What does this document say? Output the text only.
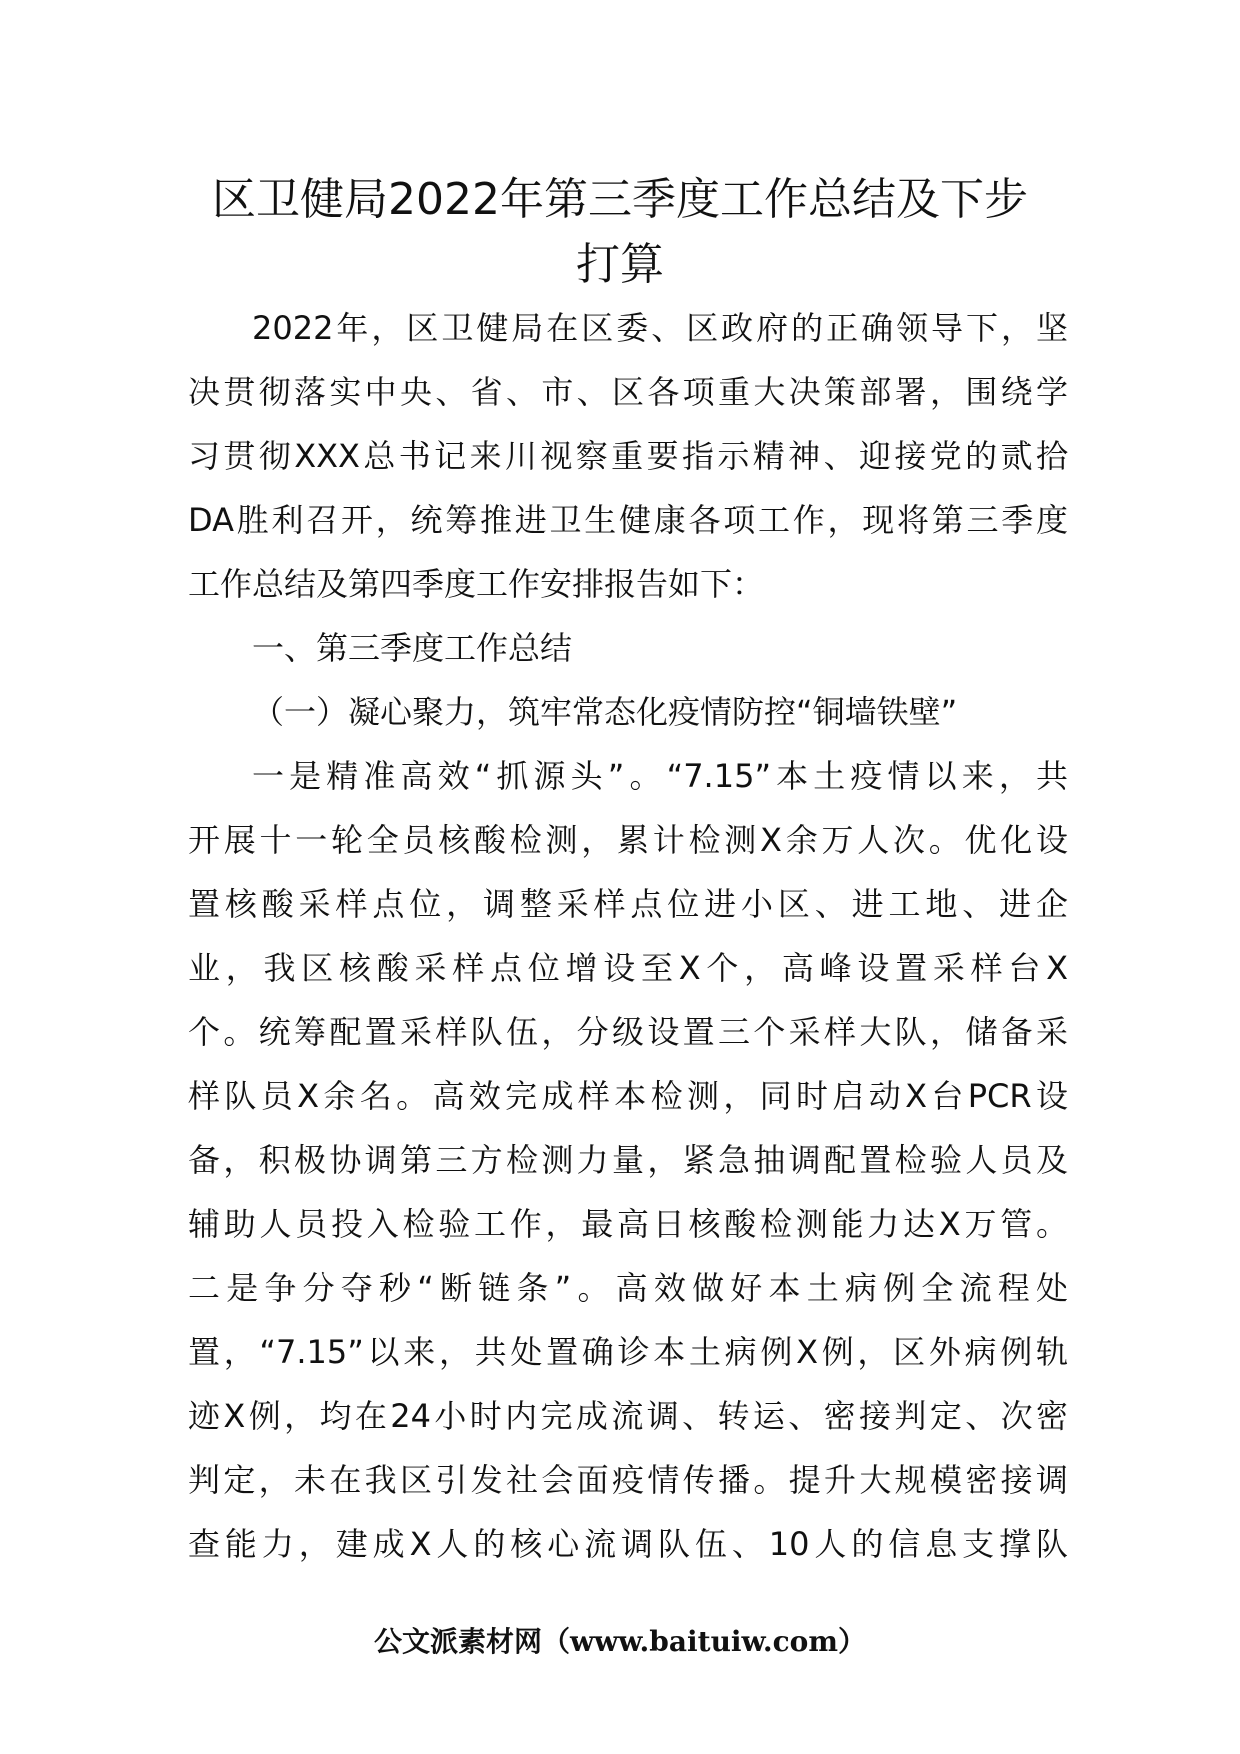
区卫健局2022年第三季度工作总结及下步
打算

2022年，区卫健局在区委、区政府的正确领导下，坚

决贯彻落实中央、省、市、区各项重大决策部署，围绕学

习贯彻XXX总书记来川视察重要指示精神、迎接党的贰拾

DA胜利召开，统筹推进卫生健康各项工作，现将第三季度

工作总结及第四季度工作安排报告如下：

一、第三季度工作总结

（一）凝心聚力，筑牢常态化疫情防控“铜墙铁壁”

一是精准高效“抓源头”。“7.15”本土疫情以来，共

开展十一轮全员核酸检测，累计检测X余万人次。优化设

置核酸采样点位，调整采样点位进小区、进工地、进企

业，我区核酸采样点位增设至X个，高峰设置采样台X

个。统筹配置采样队伍，分级设置三个采样大队，储备采

样队员X余名。高效完成样本检测，同时启动X台PCR设

备，积极协调第三方检测力量，紧急抽调配置检验人员及

辅助人员投入检验工作，最高日核酸检测能力达X万管。

二是争分夺秒“断链条”。高效做好本土病例全流程处

置，“7.15”以来，共处置确诊本土病例X例，区外病例轨

迹X例，均在24小时内完成流调、转运、密接判定、次密

判定，未在我区引发社会面疫情传播。提升大规模密接调

查能力，建成X人的核心流调队伍、10人的信息支撑队

公文派素材网（www.baituiw.com）
